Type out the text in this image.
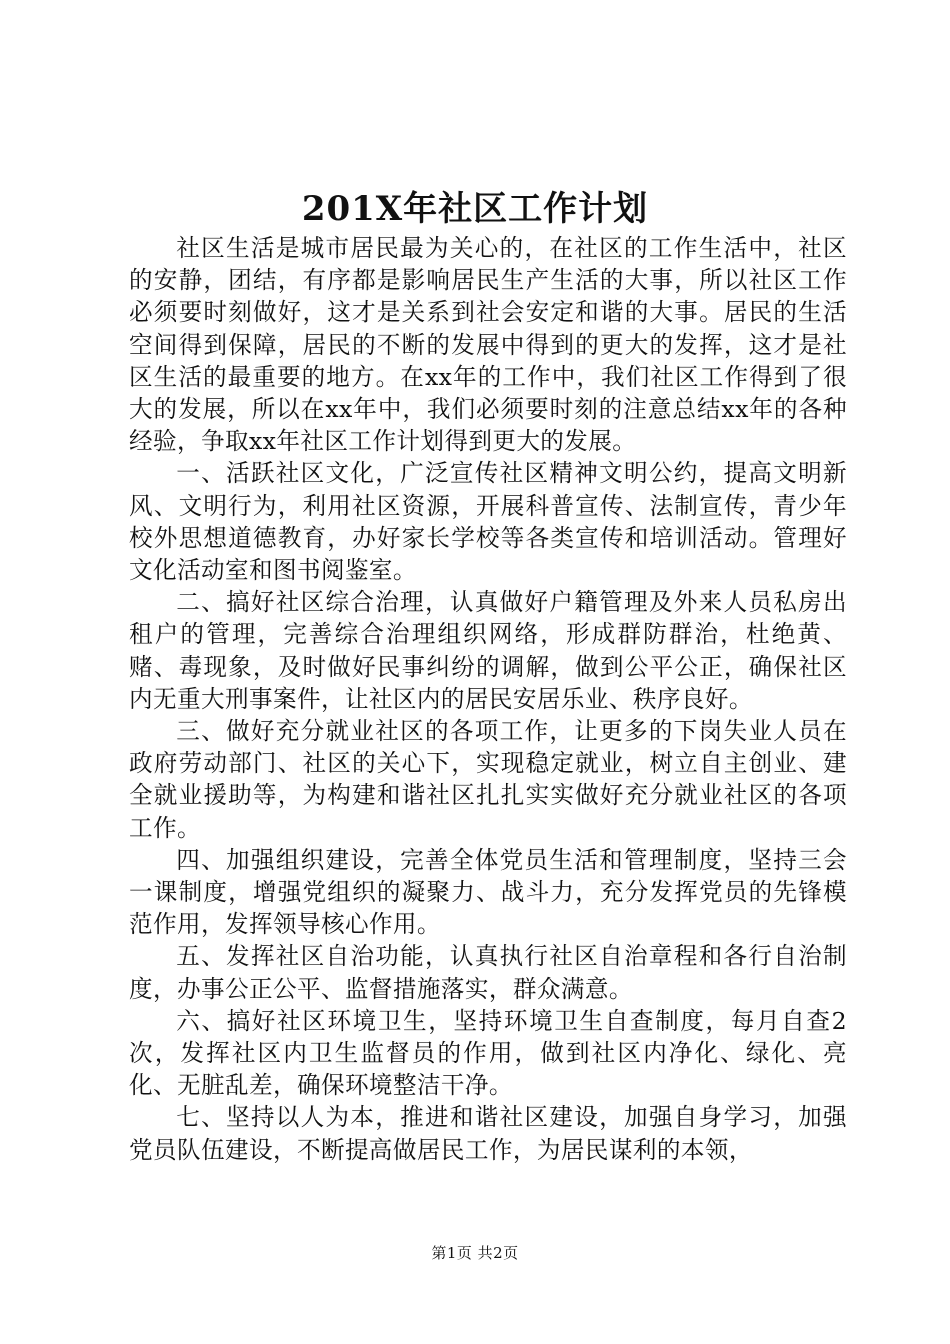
201X年社区工作计划

社区生活是城市居民最为关心的，在社区的工作生活中，社区的安静，团结，有序都是影响居民生产生活的大事，所以社区工作必须要时刻做好，这才是关系到社会安定和谐的大事。居民的生活空间得到保障，居民的不断的发展中得到的更大的发挥，这才是社区生活的最重要的地方。在xx年的工作中，我们社区工作得到了很大的发展，所以在xx年中，我们必须要时刻的注意总结xx年的各种经验，争取xx年社区工作计划得到更大的发展。

一、活跃社区文化，广泛宣传社区精神文明公约，提高文明新风、文明行为，利用社区资源，开展科普宣传、法制宣传，青少年校外思想道德教育，办好家长学校等各类宣传和培训活动。管理好文化活动室和图书阅鉴室。

二、搞好社区综合治理，认真做好户籍管理及外来人员私房出租户的管理，完善综合治理组织网络，形成群防群治，杜绝黄、赌、毒现象，及时做好民事纠纷的调解，做到公平公正，确保社区内无重大刑事案件，让社区内的居民安居乐业、秩序良好。

三、做好充分就业社区的各项工作，让更多的下岗失业人员在政府劳动部门、社区的关心下，实现稳定就业，树立自主创业、建全就业援助等，为构建和谐社区扎扎实实做好充分就业社区的各项工作。

四、加强组织建设，完善全体党员生活和管理制度，坚持三会一课制度，增强党组织的凝聚力、战斗力，充分发挥党员的先锋模范作用，发挥领导核心作用。

五、发挥社区自治功能，认真执行社区自治章程和各行自治制度，办事公正公平、监督措施落实，群众满意。

六、搞好社区环境卫生，坚持环境卫生自查制度，每月自查2次，发挥社区内卫生监督员的作用，做到社区内净化、绿化、亮化、无脏乱差，确保环境整洁干净。

七、坚持以人为本，推进和谐社区建设，加强自身学习，加强党员队伍建设，不断提高做居民工作，为居民谋利的本领，

第1页 共2页
